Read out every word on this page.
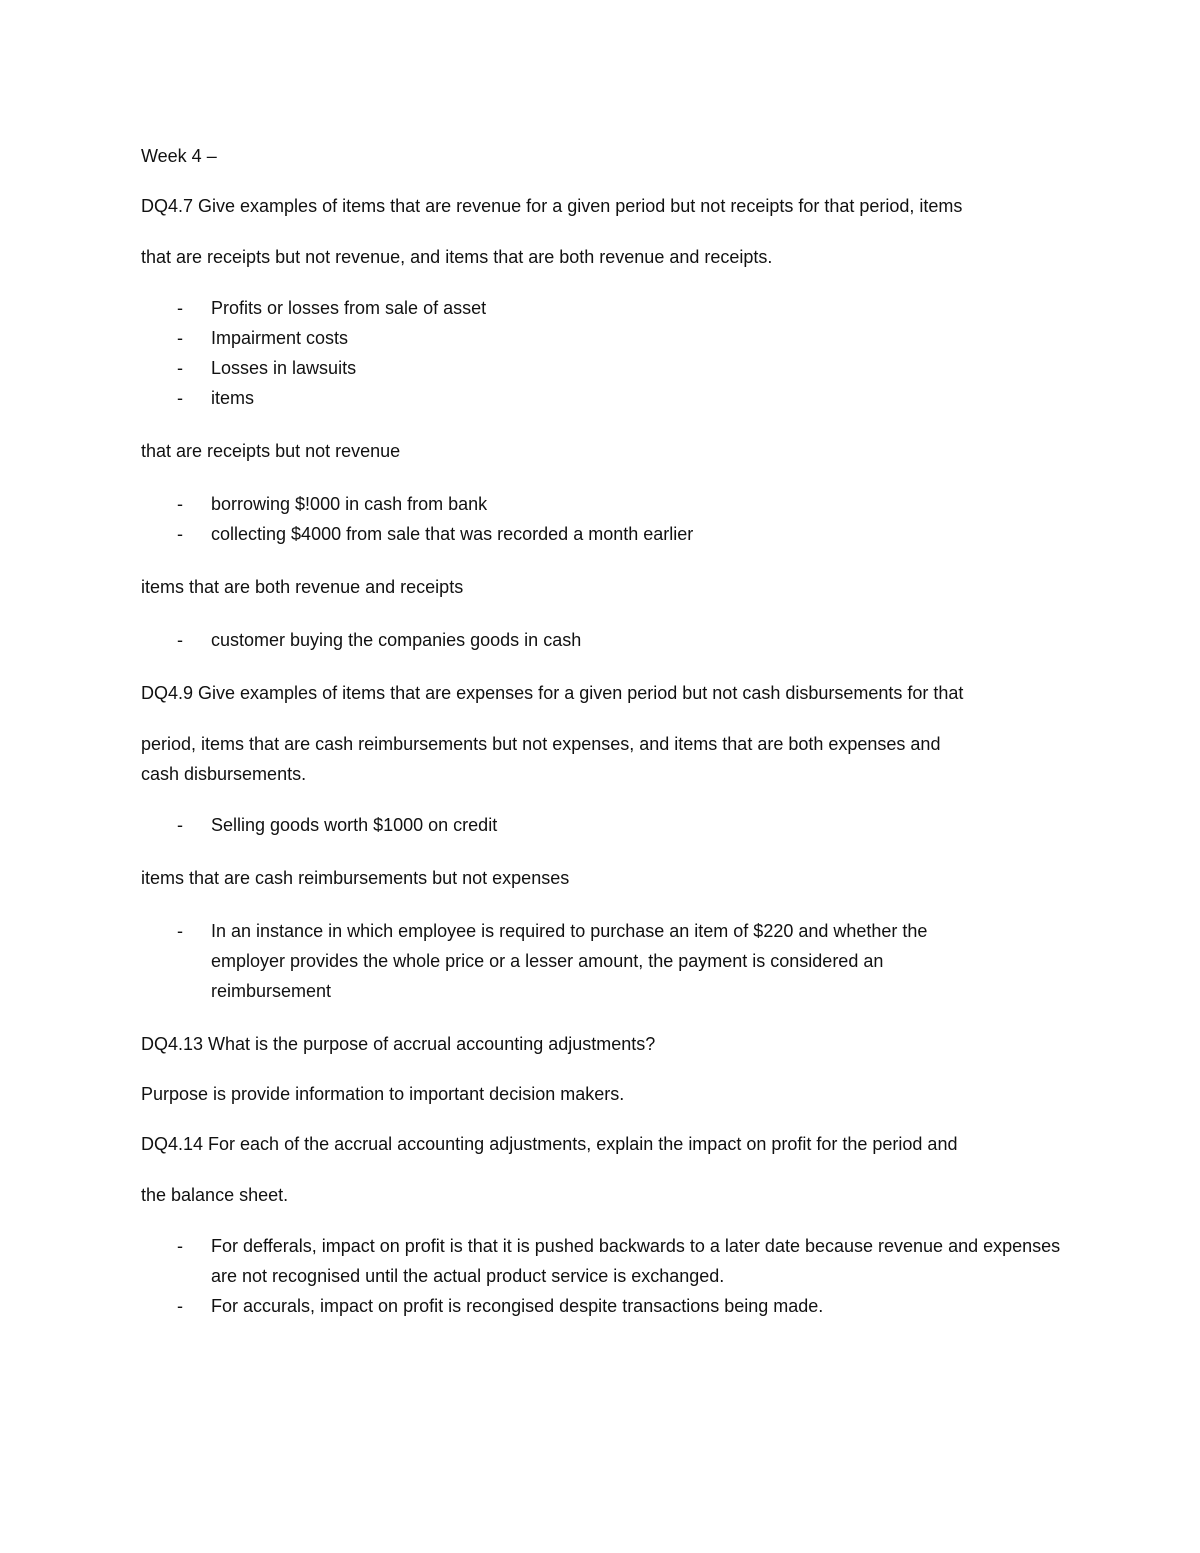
Week 4 –

DQ4.7 Give examples of items that are revenue for a given period but not receipts for that period, items

that are receipts but not revenue, and items that are both revenue and receipts.

- Profits or losses from sale of asset
- Impairment costs
- Losses in lawsuits
- items

that are receipts but not revenue

- borrowing $!000 in cash from bank
- collecting $4000 from sale that was recorded a month earlier

items that are both revenue and receipts

- customer buying the companies goods in cash

DQ4.9 Give examples of items that are expenses for a given period but not cash disbursements for that

period, items that are cash reimbursements but not expenses, and items that are both expenses and

cash disbursements.

- Selling goods worth $1000 on credit

items that are cash reimbursements but not expenses

- In an instance in which employee is required to purchase an item of $220 and whether the employer provides the whole price or a lesser amount, the payment is considered an reimbursement

DQ4.13 What is the purpose of accrual accounting adjustments?

Purpose is provide information to important decision makers.

DQ4.14 For each of the accrual accounting adjustments, explain the impact on profit for the period and

the balance sheet.

- For defferals, impact on profit is that it is pushed backwards to a later date because revenue and expenses are not recognised until the actual product service is exchanged.
- For accurals, impact on profit is recongised despite transactions being made.
